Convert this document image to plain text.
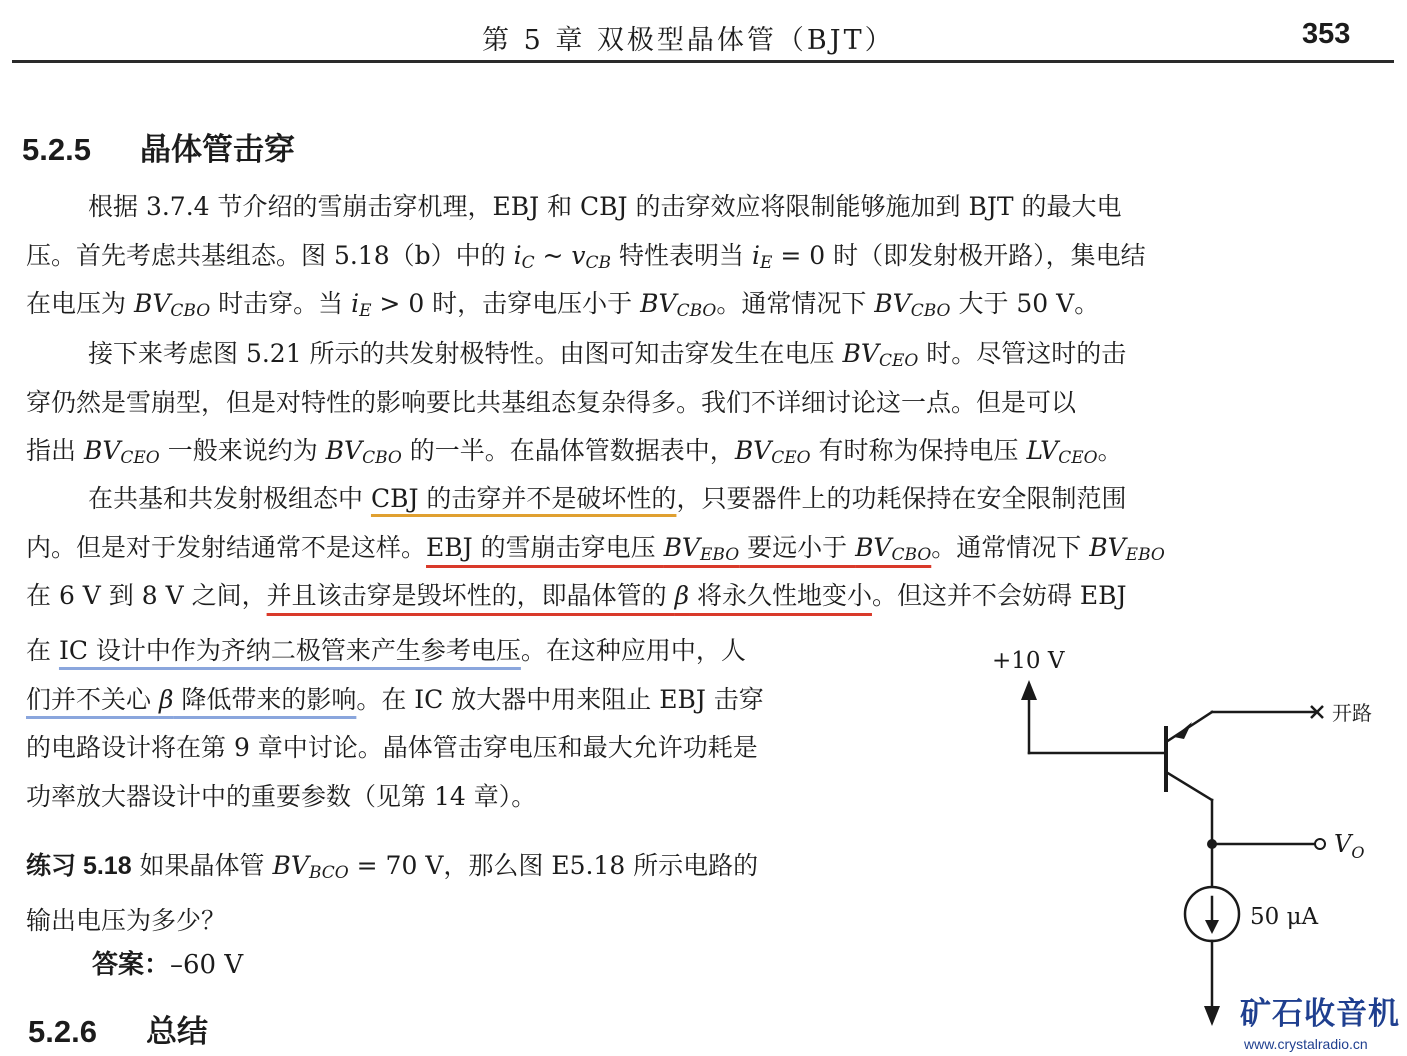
第 5 章 双极型晶体管（BJT）	353
5.2.5 晶体管击穿
根据 3.7.4 节介绍的雪崩击穿机理，EBJ 和 CBJ 的击穿效应将限制能够施加到 BJT 的最大电
压。首先考虑共基组态。图 5.18（b）中的 $i_C$ ~ $v_{CB}$ 特性表明当 $i_E = 0$ 时（即发射极开路），集电结
在电压为 $BV_{CBO}$ 时击穿。当 $i_E > 0$ 时，击穿电压小于 $BV_{CBO}$。通常情况下 $BV_{CBO}$ 大于 50 V。
接下来考虑图 5.21 所示的共发射极特性。由图可知击穿发生在电压 $BV_{CEO}$ 时。尽管这时的击
穿仍然是雪崩型，但是对特性的影响要比共基组态复杂得多。我们不详细讨论这一点。但是可以
指出 $BV_{CEO}$ 一般来说约为 $BV_{CBO}$ 的一半。在晶体管数据表中，$BV_{CEO}$ 有时称为保持电压 $LV_{CEO}$。
在共基和共发射极组态中 CBJ 的击穿并不是破坏性的，只要器件上的功耗保持在安全限制范围
内。但是对于发射结通常不是这样。EBJ 的雪崩击穿电压 $BV_{EBO}$ 要远小于 $BV_{CBO}$。通常情况下 $BV_{EBO}$
在 6 V 到 8 V 之间，并且该击穿是毁坏性的，即晶体管的 β 将永久性地变小。但这并不会妨碍 EBJ
在 IC 设计中作为齐纳二极管来产生参考电压。在这种应用中，人
们并不关心 β 降低带来的影响。在 IC 放大器中用来阻止 EBJ 击穿
的电路设计将在第 9 章中讨论。晶体管击穿电压和最大允许功耗是
功率放大器设计中的重要参数（见第 14 章）。
练习 5.18 如果晶体管 $BV_{BCO} = 70$ V，那么图 E5.18 所示电路的
输出电压为多少？
答案：–60 V
5.2.6 总结
+10 V
开路
$V_O$
50 μA
矿石收音机
www.crystalradio.cn
